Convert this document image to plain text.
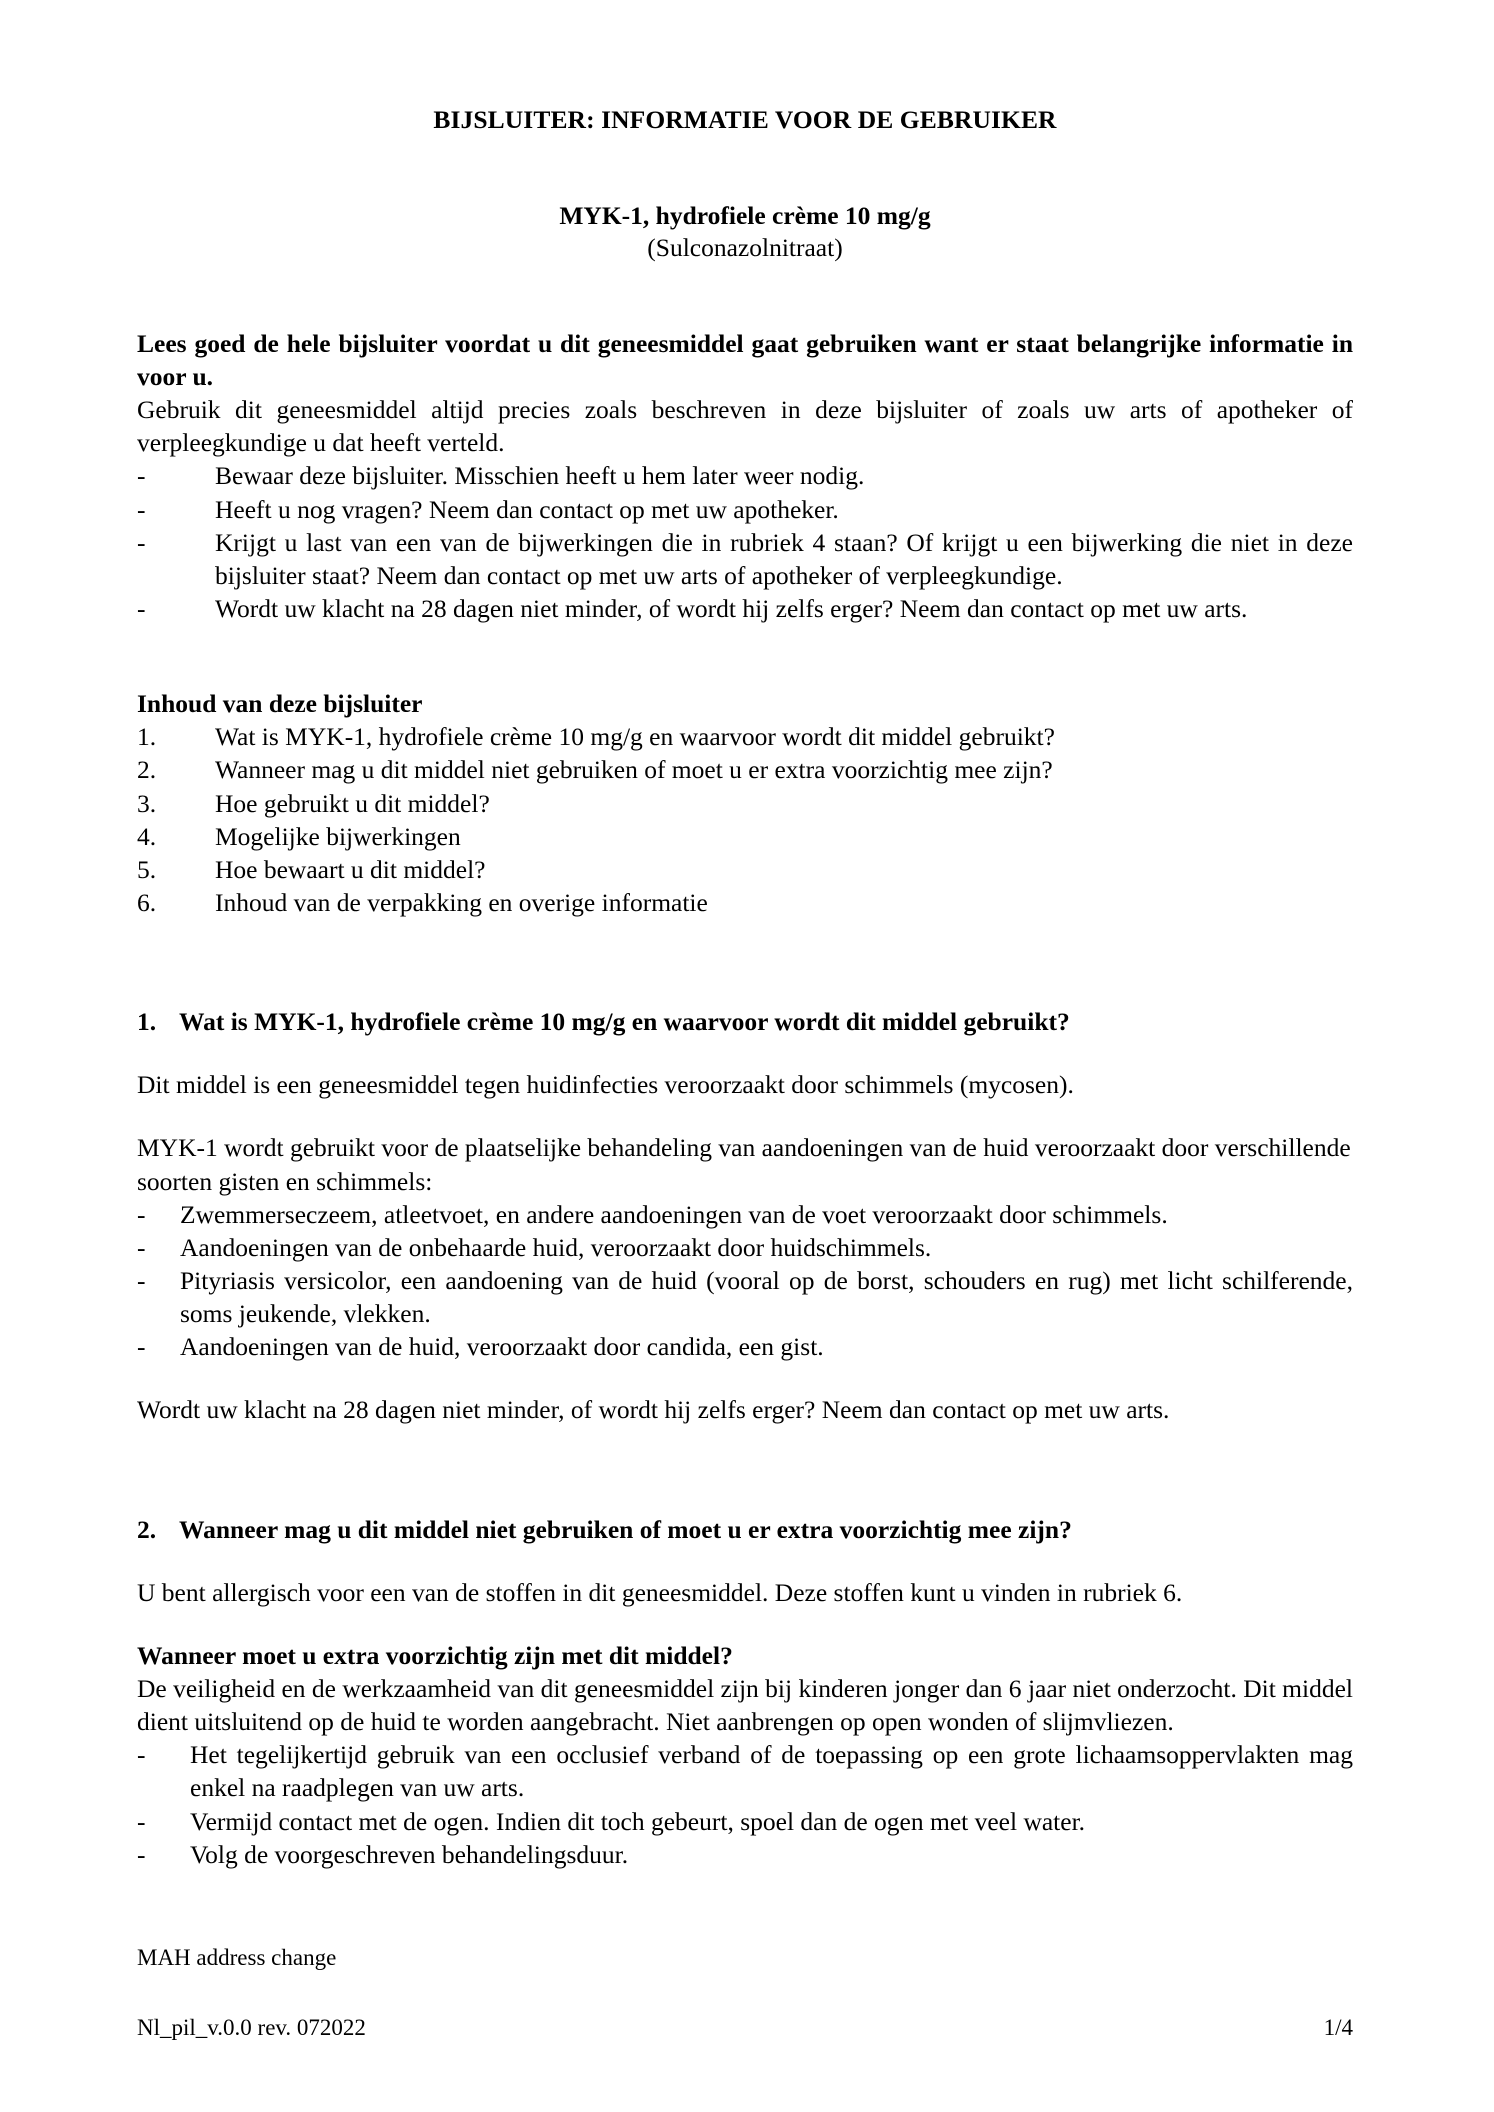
BIJSLUITER: INFORMATIE VOOR DE GEBRUIKER
MYK-1, hydrofiele crème 10 mg/g
(Sulconazolnitraat)
Lees goed de hele bijsluiter voordat u dit geneesmiddel gaat gebruiken want er staat belangrijke informatie in voor u.

Gebruik dit geneesmiddel altijd precies zoals beschreven in deze bijsluiter of zoals uw arts of apotheker of verpleegkundige u dat heeft verteld.

-	Bewaar deze bijsluiter. Misschien heeft u hem later weer nodig.
-	Heeft u nog vragen? Neem dan contact op met uw apotheker.
-	Krijgt u last van een van de bijwerkingen die in rubriek 4 staan? Of krijgt u een bijwerking die niet in deze bijsluiter staat? Neem dan contact op met uw arts of apotheker of verpleegkundige.
-	Wordt uw klacht na 28 dagen niet minder, of wordt hij zelfs erger? Neem dan contact op met uw arts.
Inhoud van deze bijsluiter
1. Wat is MYK-1, hydrofiele crème 10 mg/g en waarvoor wordt dit middel gebruikt?
2. Wanneer mag u dit middel niet gebruiken of moet u er extra voorzichtig mee zijn?
3. Hoe gebruikt u dit middel?
4. Mogelijke bijwerkingen
5. Hoe bewaart u dit middel?
6. Inhoud van de verpakking en overige informatie
1. Wat is MYK-1, hydrofiele crème 10 mg/g en waarvoor wordt dit middel gebruikt?

Dit middel is een geneesmiddel tegen huidinfecties veroorzaakt door schimmels (mycosen).

MYK-1 wordt gebruikt voor de plaatselijke behandeling van aandoeningen van de huid veroorzaakt door verschillende soorten gisten en schimmels:

- Zwemmerseczeem, atleetvoet, en andere aandoeningen van de voet veroorzaakt door schimmels.
- Aandoeningen van de onbehaarde huid, veroorzaakt door huidschimmels.
- Pityriasis versicolor, een aandoening van de huid (vooral op de borst, schouders en rug) met licht schilferende, soms jeukende, vlekken.
- Aandoeningen van de huid, veroorzaakt door candida, een gist.

Wordt uw klacht na 28 dagen niet minder, of wordt hij zelfs erger? Neem dan contact op met uw arts.

2. Wanneer mag u dit middel niet gebruiken of moet u er extra voorzichtig mee zijn?

U bent allergisch voor een van de stoffen in dit geneesmiddel. Deze stoffen kunt u vinden in rubriek 6.

Wanneer moet u extra voorzichtig zijn met dit middel?

De veiligheid en de werkzaamheid van dit geneesmiddel zijn bij kinderen jonger dan 6 jaar niet onderzocht. Dit middel dient uitsluitend op de huid te worden aangebracht. Niet aanbrengen op open wonden of slijmvliezen.

- Het tegelijkertijd gebruik van een occlusief verband of de toepassing op een grote lichaamsoppervlakten mag enkel na raadplegen van uw arts.
- Vermijd contact met de ogen. Indien dit toch gebeurt, spoel dan de ogen met veel water.
- Volg de voorgeschreven behandelingsduur.
MAH address change
Nl_pil_v.0.0 rev. 072022	1/4
